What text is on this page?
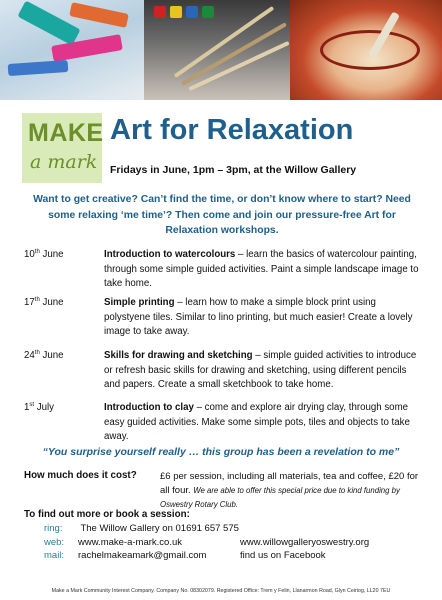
MAKE
a mark
Art for Relaxation
Fridays in June, 1pm – 3pm, at the Willow Gallery

Want to get creative? Can’t find the time, or don’t know where to start? Need some relaxing ‘me time’? Then come and join our pressure-free Art for Relaxation workshops.

10th June	Introduction to watercolours – learn the basics of watercolour painting, through some simple guided activities. Paint a simple landscape image to take home.
17th June	Simple printing – learn how to make a simple block print using polystyene tiles. Similar to lino printing, but much easier! Create a lovely image to take away.
24th June	Skills for drawing and sketching – simple guided activities to introduce or refresh basic skills for drawing and sketching, using different pencils and papers. Create a small sketchbook to take home.
1st July	Introduction to clay – come and explore air drying clay, through some easy guided activities. Make some simple pots, tiles and objects to take away.
“You surprise yourself really … this group has been a revelation to me”
How much does it cost? £6 per session, including all materials, tea and coffee, £20 for all four. We are able to offer this special price due to kind funding by Oswestry Rotary Club.
To find out more or book a session:
ring: The Willow Gallery on 01691 657 575
Make a Mark Community Interest Company. Company No. 08302079. Registered Office: Trem y Felin, Llanarmon Road, Glyn Ceiriog, LL20 7EU
web: www.make-a-mark.co.uk	www.willowgalleryoswestry.org
mail: rachelmakeamark@gmail.com	find us on Facebook
